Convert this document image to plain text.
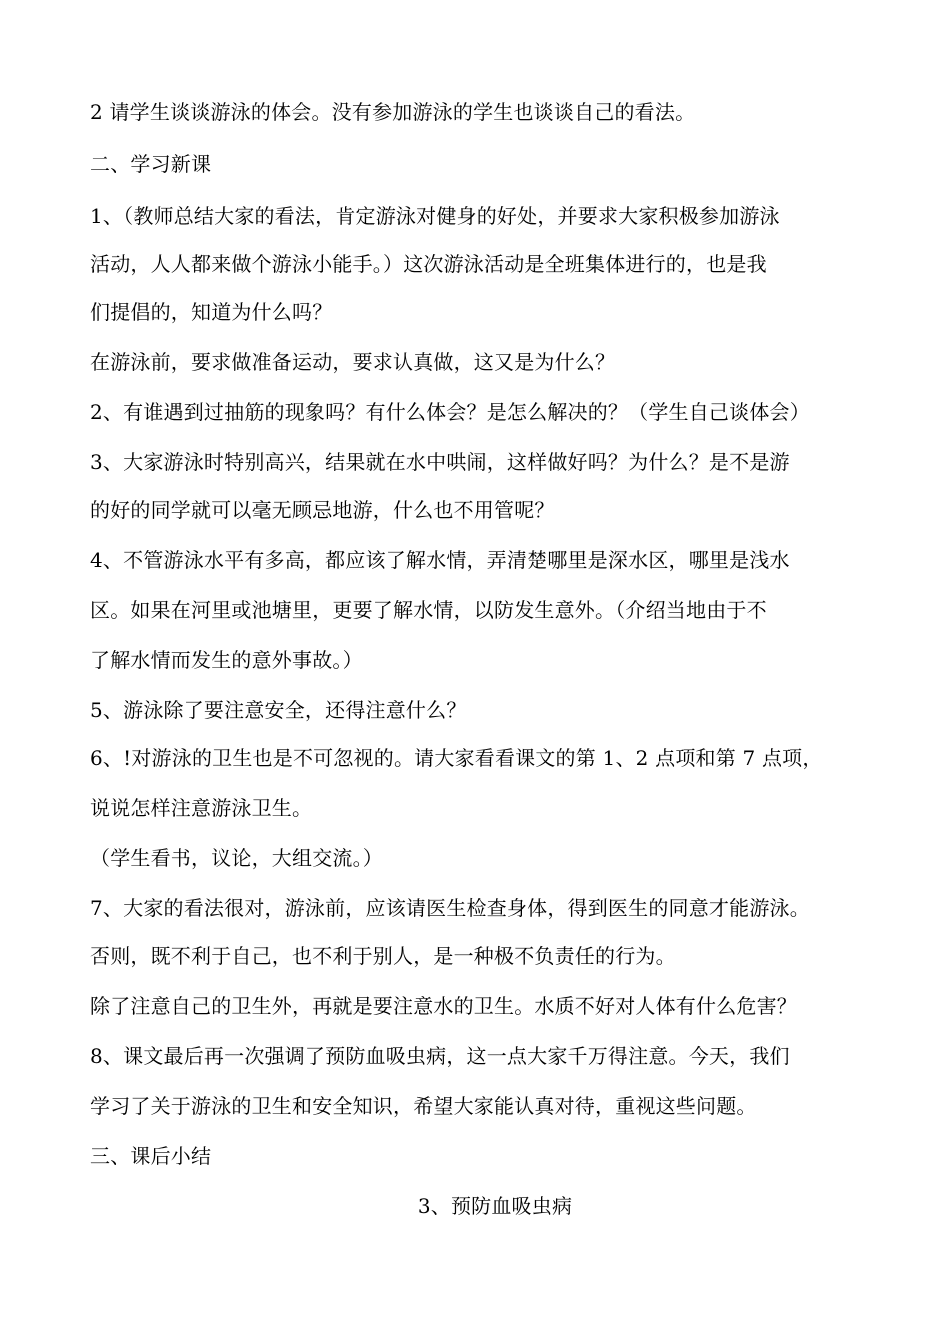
2 请学生谈谈游泳的体会。没有参加游泳的学生也谈谈自己的看法。
二、学习新课
1、（教师总结大家的看法，肯定游泳对健身的好处，并要求大家积极参加游泳
活动，人人都来做个游泳小能手。）这次游泳活动是全班集体进行的，也是我
们提倡的，知道为什么吗？
在游泳前，要求做准备运动，要求认真做，这又是为什么？
2、有谁遇到过抽筋的现象吗？有什么体会？是怎么解决的？（学生自己谈体会）
3、大家游泳时特别高兴，结果就在水中哄闹，这样做好吗？为什么？是不是游
的好的同学就可以毫无顾忌地游，什么也不用管呢？
4、不管游泳水平有多高，都应该了解水情，弄清楚哪里是深水区，哪里是浅水
区。如果在河里或池塘里，更要了解水情，以防发生意外。（介绍当地由于不
了解水情而发生的意外事故。）
5、游泳除了要注意安全，还得注意什么？
6、!对游泳的卫生也是不可忽视的。请大家看看课文的第 1、2 点项和第 7 点项，
说说怎样注意游泳卫生。
（学生看书，议论，大组交流。）
7、大家的看法很对，游泳前，应该请医生检查身体，得到医生的同意才能游泳。
否则，既不利于自己，也不利于别人，是一种极不负责任的行为。
除了注意自己的卫生外，再就是要注意水的卫生。水质不好对人体有什么危害？
8、课文最后再一次强调了预防血吸虫病，这一点大家千万得注意。今天，我们
学习了关于游泳的卫生和安全知识，希望大家能认真对待，重视这些问题。
三、课后小结
3、预防血吸虫病
